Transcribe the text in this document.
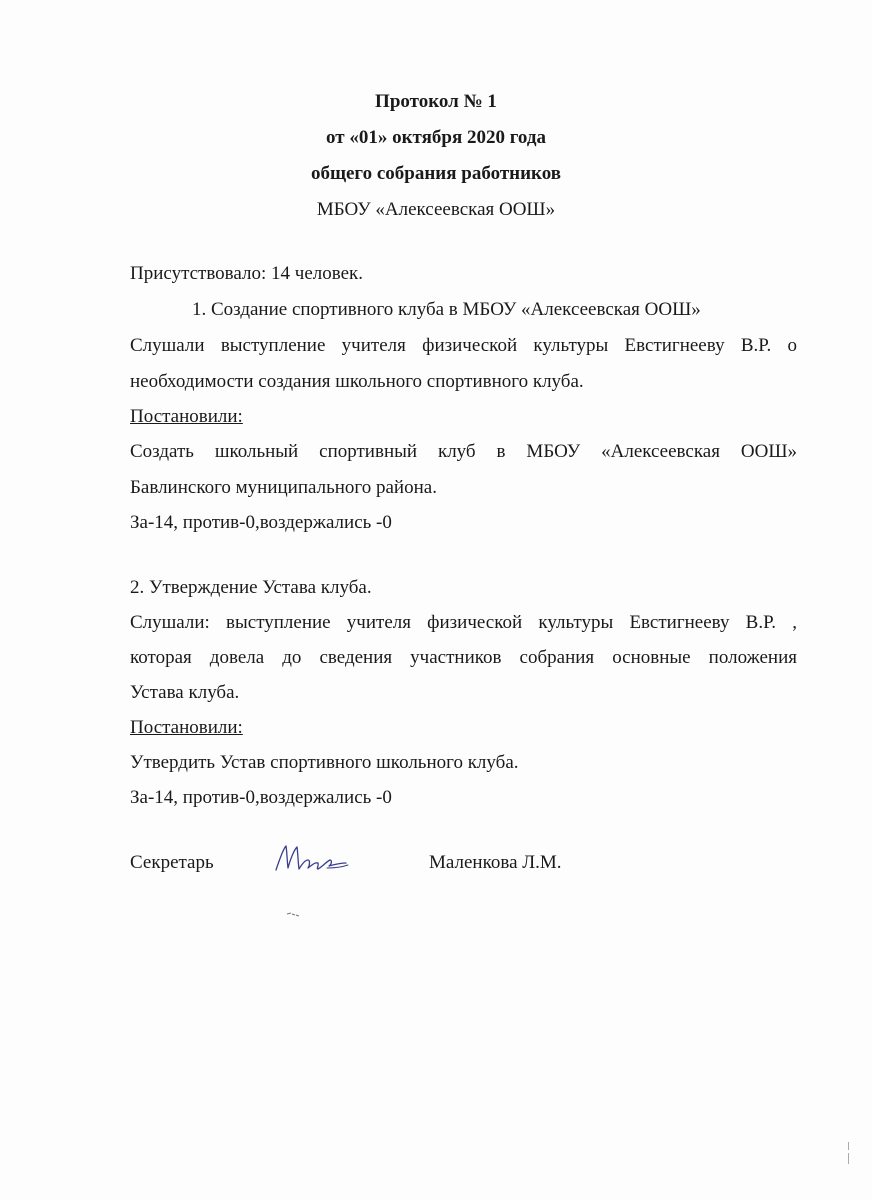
Протокол № 1
от «01» октября 2020 года
общего собрания работников
МБОУ «Алексеевская ООШ»
Присутствовало: 14 человек.
1. Создание спортивного клуба в МБОУ «Алексеевская ООШ»
Слушали выступление учителя физической культуры Евстигнееву В.Р. о
необходимости создания школьного спортивного клуба.
Постановили:
Создать школьный спортивный клуб в МБОУ «Алексеевская ООШ»
Бавлинского муниципального района.
За-14, против-0,воздержались -0
2. Утверждение Устава клуба.
Слушали: выступление учителя физической культуры Евстигнееву В.Р. ,
которая довела до сведения участников собрания основные положения
Устава клуба.
Постановили:
Утвердить Устав спортивного школьного клуба.
За-14, против-0,воздержались -0
Секретарь	Маленкова Л.М.
